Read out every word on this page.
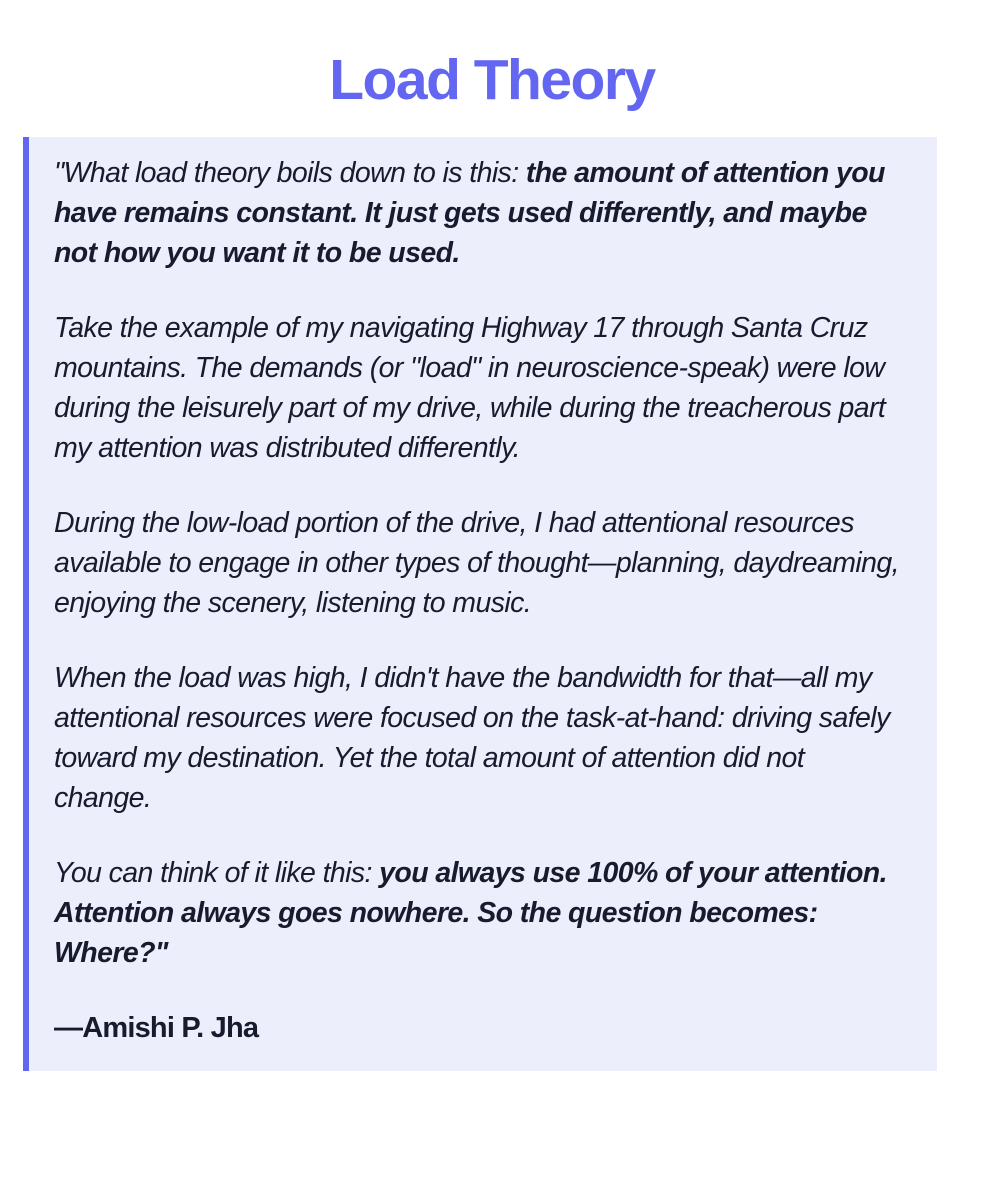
Load Theory

"What load theory boils down to is this: the amount of attention you have remains constant. It just gets used differently, and maybe not how you want it to be used.

Take the example of my navigating Highway 17 through Santa Cruz mountains. The demands (or "load" in neuroscience-speak) were low during the leisurely part of my drive, while during the treacherous part my attention was distributed differently.

During the low-load portion of the drive, I had attentional resources available to engage in other types of thought—planning, daydreaming, enjoying the scenery, listening to music.

When the load was high, I didn't have the bandwidth for that—all my attentional resources were focused on the task-at-hand: driving safely toward my destination. Yet the total amount of attention did not change.

You can think of it like this: you always use 100% of your attention. Attention always goes nowhere. So the question becomes: Where?"

—Amishi P. Jha
